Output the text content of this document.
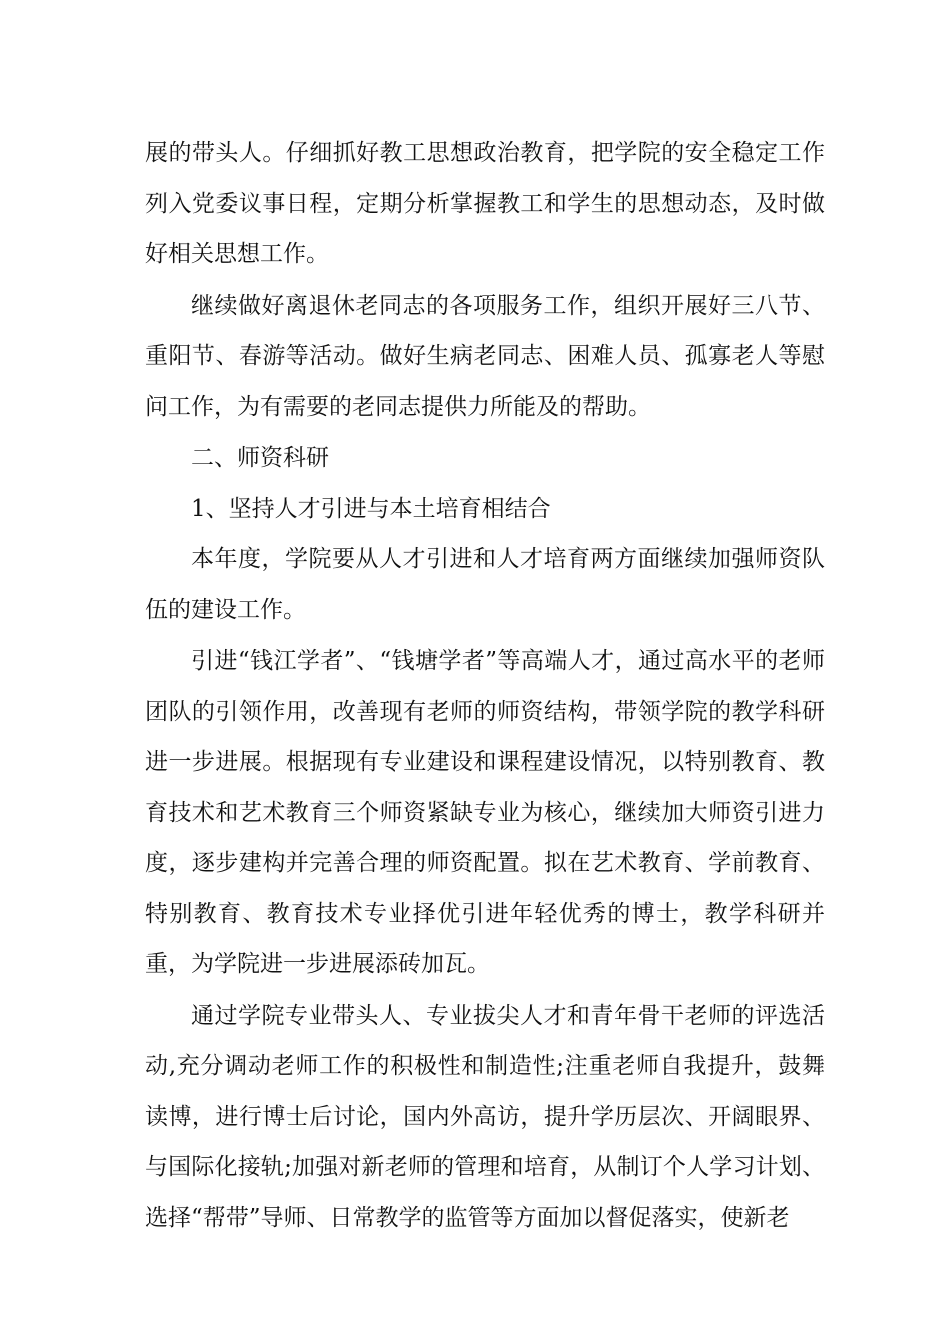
展的带头人。仔细抓好教工思想政治教育，把学院的安全稳定工作列入党委议事日程，定期分析掌握教工和学生的思想动态，及时做好相关思想工作。

继续做好离退休老同志的各项服务工作，组织开展好三八节、重阳节、春游等活动。做好生病老同志、困难人员、孤寡老人等慰问工作，为有需要的老同志提供力所能及的帮助。

二、师资科研

1、坚持人才引进与本土培育相结合

本年度，学院要从人才引进和人才培育两方面继续加强师资队伍的建设工作。

引进“钱江学者”、“钱塘学者”等高端人才，通过高水平的老师团队的引领作用，改善现有老师的师资结构，带领学院的教学科研进一步进展。根据现有专业建设和课程建设情况，以特别教育、教育技术和艺术教育三个师资紧缺专业为核心，继续加大师资引进力度，逐步建构并完善合理的师资配置。拟在艺术教育、学前教育、特别教育、教育技术专业择优引进年轻优秀的博士，教学科研并重，为学院进一步进展添砖加瓦。

通过学院专业带头人、专业拔尖人才和青年骨干老师的评选活动,充分调动老师工作的积极性和制造性;注重老师自我提升，鼓舞读博，进行博士后讨论，国内外高访，提升学历层次、开阔眼界、与国际化接轨;加强对新老师的管理和培育，从制订个人学习计划、选择“帮带”导师、日常教学的监管等方面加以督促落实，使新老
